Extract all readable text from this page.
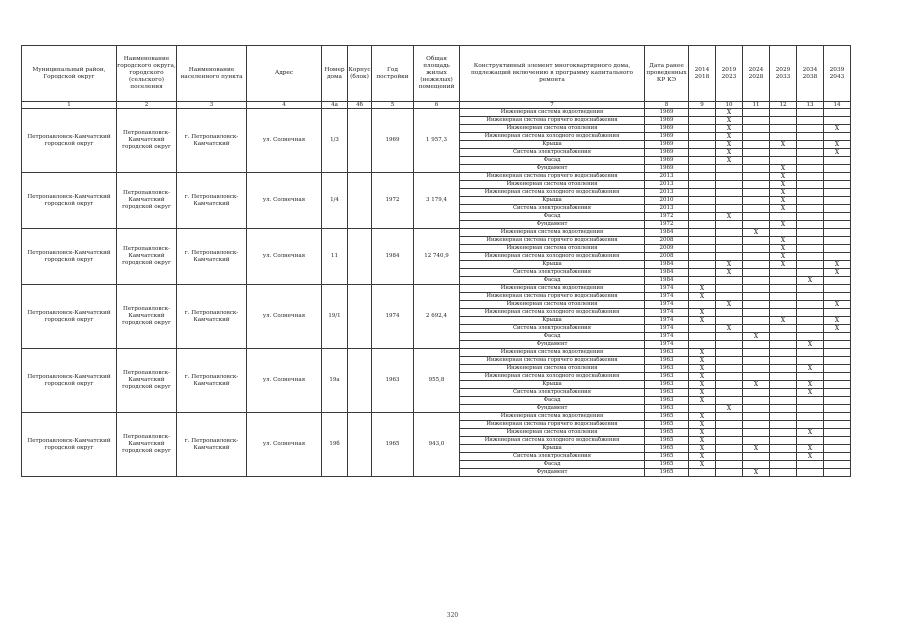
Муниципальный район, Городской округ	Наименование городского округа, городского (сельского) поселения	Наименование населенного пункта	Адрес	Номер дома	Корпус (блок)	Год постройки	Общая площадь жилых (нежилых) помещений	Конструктивный элемент многоквартирного дома, подлежащий включению в программу капитального ремонта	Дата ранее проведенных КР КЭ	2014 2018	2019 2023	2024 2028	2029 2033	2034 2038	2039 2043
1	2	3	4	4а	4б	5	6	7	8	9	10	11	12	13	14
Петропавловск-Камчатский городской округ	Петропавловск-Камчатский городской округ	г. Петропавловск-Камчатский	ул. Солнечная	1/3		1969	1 957,3	Инженерная система водоотведения	1969		X				
								Инженерная система горячего водоснабжения	1969		X				
								Инженерная система отопления	1969		X				X
								Инженерная система холодного водоснабжения	1969		X				
								Крыша	1969		X		X		X
								Система электроснабжения	1969		X				X
								Фасад	1969		X				
								Фундамент	1969				X		
Петропавловск-Камчатский городской округ	Петропавловск-Камчатский городской округ	г. Петропавловск-Камчатский	ул. Солнечная	1/4		1972	3 179,4	Инженерная система горячего водоснабжения	2013				X		
								Инженерная система отопления	2013				X		
								Инженерная система холодного водоснабжения	2013				X		
								Крыша	2010				X		
								Система электроснабжения	2013				X		
								Фасад	1972		X				
								Фундамент	1972				X		
Петропавловск-Камчатский городской округ	Петропавловск-Камчатский городской округ	г. Петропавловск-Камчатский	ул. Солнечная	11		1984	12 740,9	Инженерная система водоотведения	1984			X			
								Инженерная система горячего водоснабжения	2008				X		
								Инженерная система отопления	2009				X		
								Инженерная система холодного водоснабжения	2008				X		
								Крыша	1984		X		X		X
								Система электроснабжения	1984		X				X
								Фасад	1984					X	
Петропавловск-Камчатский городской округ	Петропавловск-Камчатский городской округ	г. Петропавловск-Камчатский	ул. Солнечная	19/1		1974	2 692,4	Инженерная система водоотведения	1974	X					
								Инженерная система горячего водоснабжения	1974	X					
								Инженерная система отопления	1974		X				X
								Инженерная система холодного водоснабжения	1974	X					
								Крыша	1974	X			X		X
								Система электроснабжения	1974		X				X
								Фасад	1974			X			
								Фундамент	1974					X	
Петропавловск-Камчатский городской округ	Петропавловск-Камчатский городской округ	г. Петропавловск-Камчатский	ул. Солнечная	19а		1963	955,8	Инженерная система водоотведения	1963	X					
								Инженерная система горячего водоснабжения	1963	X					
								Инженерная система отопления	1963	X				X	
								Инженерная система холодного водоснабжения	1963	X					
								Крыша	1963	X		X		X	
								Система электроснабжения	1963	X				X	
								Фасад	1963	X					
								Фундамент	1963		X				
Петропавловск-Камчатский городской округ	Петропавловск-Камчатский городской округ	г. Петропавловск-Камчатский	ул. Солнечная	19б		1965	943,0	Инженерная система водоотведения	1965	X					
								Инженерная система горячего водоснабжения	1965	X					
								Инженерная система отопления	1965	X				X	
								Инженерная система холодного водоснабжения	1965	X					
								Крыша	1965	X		X		X	
								Система электроснабжения	1965	X				X	
								Фасад	1965	X					
								Фундамент	1965			X			
320
